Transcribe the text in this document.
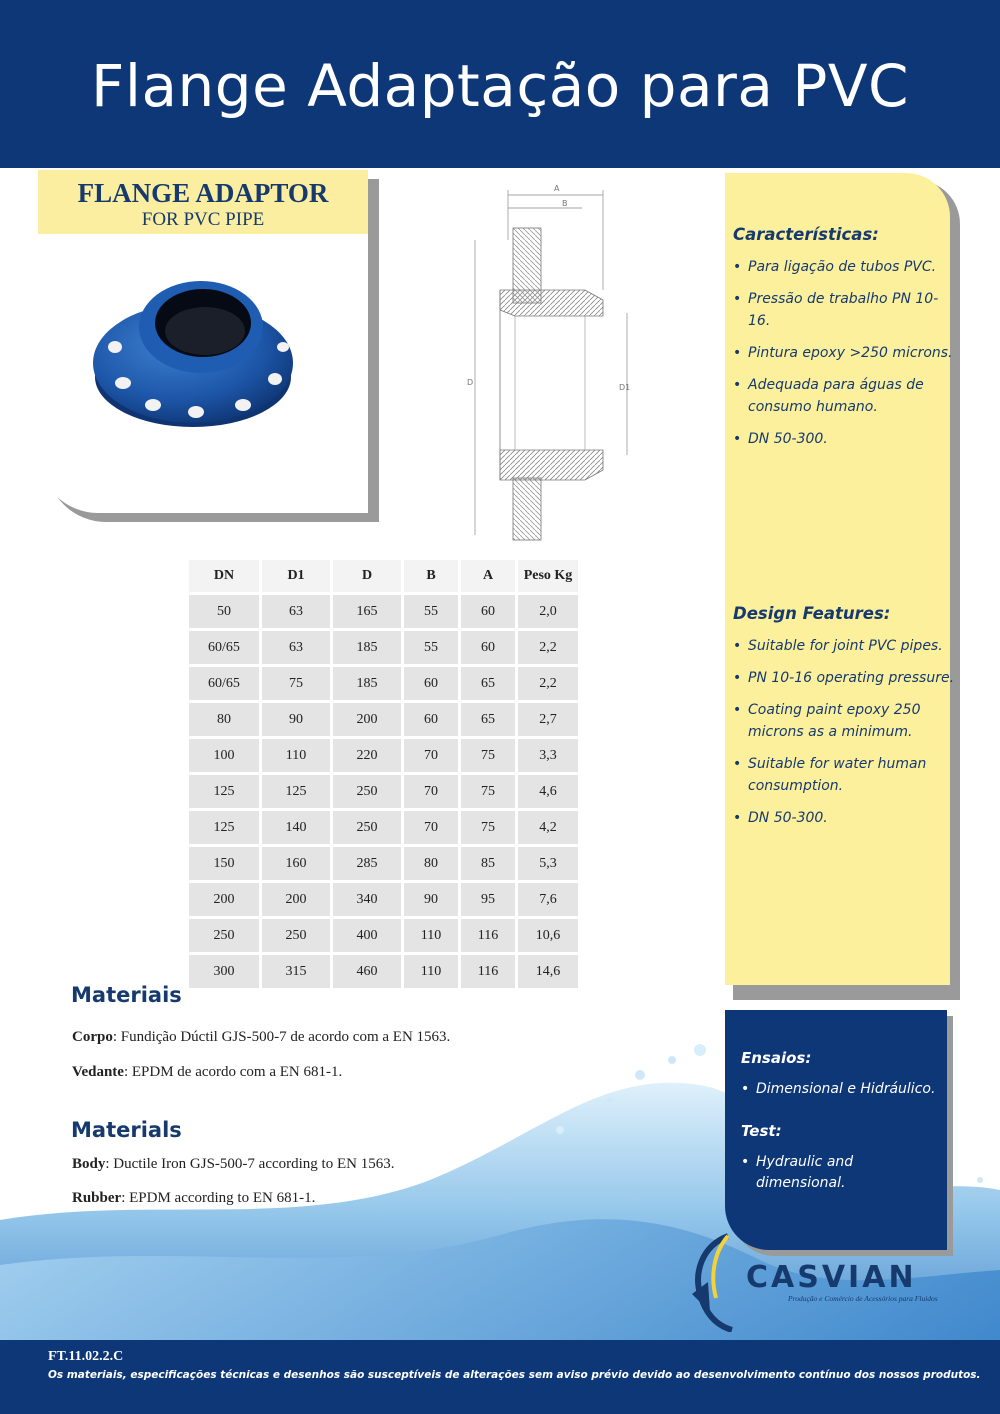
Flange Adaptação para PVC
FLANGE ADAPTOR
FOR PVC PIPE
A
B
D
D1
Características:
• Para ligação de tubos PVC.
• Pressão de trabalho PN 10-16.
• Pintura epoxy >250 microns.
• Adequada para águas de consumo humano.
• DN 50-300.
Design Features:
• Suitable for joint PVC pipes.
• PN 10-16 operating pressure.
• Coating paint epoxy 250 microns as a minimum.
• Suitable for water human consumption.
• DN 50-300.
DN	D1	D	B	A	Peso Kg
50	63	165	55	60	2,0
60/65	63	185	55	60	2,2
60/65	75	185	60	65	2,2
80	90	200	60	65	2,7
100	110	220	70	75	3,3
125	125	250	70	75	4,6
125	140	250	70	75	4,2
150	160	285	80	85	5,3
200	200	340	90	95	7,6
250	250	400	110	116	10,6
300	315	460	110	116	14,6
Materiais
Corpo: Fundição Dúctil GJS-500-7 de acordo com a EN 1563.
Vedante: EPDM de acordo com a EN 681-1.
Materials
Body: Ductile Iron GJS-500-7 according to EN 1563.
Rubber: EPDM according to EN 681-1.
Ensaios:
• Dimensional e Hidráulico.
Test:
• Hydraulic and dimensional.
CASVIAN
Produção e Comércio de Acessórios para Fluidos
FT.11.02.2.C
Os materiais, especificações técnicas e desenhos são susceptíveis de alterações sem aviso prévio devido ao desenvolvimento contínuo dos nossos produtos.
